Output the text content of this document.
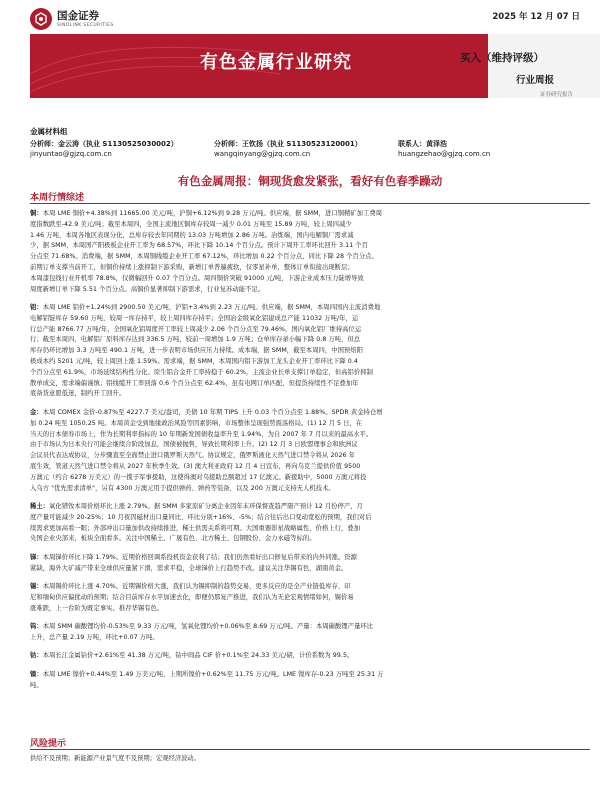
国金证券
SINOLINK SECURITIES
2025 年 12 月 07 日
有色金属行业研究	买入（维持评级）
行业周报
证券研究报告
金属材料组
分析师：金云涛（执业 S1130525030002）	分析师：王钦扬（执业 S1130523120001）	联系人：黄泽浩
jinyuntao@gjzq.com.cn	wangqinyang@gjzq.com.cn	huangzehao@gjzq.com.cn
有色金属周报：铜现货愈发紧张，看好有色春季躁动
本周行情综述
铜：本周 LME 铜价+4.38%到 11665.00 美元/吨，沪铜+6.12%到 9.28 万元/吨。供应端，据 SMM，进口铜精矿加工费周
度指数跌至-42.9 美元/吨；截至本周四，全国主流地区铜库存较周一减少 0.01 万吨至 15.89 万吨，较上周四减少
1.46 万吨，本周各地区表现分化，总库存较去年同期的 13.03 万吨增加 2.86 万吨。冶炼端，国内电解铜厂需求减
少，据 SMM，本周国产阳极板企业开工率为 68.57%，环比下降 10.14 个百分点。预计下周开工率环比回升 3.11 个百
分点至 71.68%。消费端，据 SMM，本周铜线缆企业开工率 67.12%，环比增加 0.22 个百分点，同比下降 28 个百分点。
前期订单支撑当前开工，但铜价持续上涨抑制下游采购，新增订单普遍疲软，仅零星补单，整体订单衔接出现断层；
本周漆包线行业开机率 78.8%，仅微幅回升 0.07 个百分点。周四铜价突破 91000 元/吨，下游企业成本压力陡增导致
周度新增订单下降 5.51 个百分点。高铜价显著抑制下游需求，行业复苏动能不足。
铝：本周 LME 铝价+1.24%到 2900.50 美元/吨，沪铝+3.4%到 2.23 万元/吨。供应端，据 SMM，本周四国内主流消费地
电解铝锭库存 59.60 万吨，较周一库存持平，较上周四库存持平；全国冶金级氧化铝建成总产能 11032 万吨/年，运
行总产能 8766.77 万吨/年，全国氧化铝周度开工率较上周减少 2.06 个百分点至 79.46%，国内氧化铝厂维持高位运
行；截至本周四，电解铝厂原料库存达到 336.5 万吨，较前一周增加 1.9 万吨；仓单库存录小幅下降 0.8 万吨，但总
库存仍环比增加 3.3 万吨至 490.1 万吨，进一步表明市场供应压力持续。成本端，据 SMM，截至本周四，中国预焙阳
极成本约 5201 元/吨，较上周回上涨 1.59%。需求端，据 SMM，本周国内铝下游加工龙头企业开工率环比下降 0.4
个百分点至 61.9%，市场延续结构性分化。原生铝合金开工率持稳于 60.2%，主流企业长单支撑订单稳定，但高铝价抑制
散单成交，需求端偏谨慎；铝线缆开工率回落 0.6 个百分点至 62.4%，虽有电网订单匹配，但提货持续性不足叠加年
底备货意愿低迷，制约开工回升。
金：本周 COMEX 金价-0.87%至 4227.7 美元/盎司，美债 10 年期 TIPS 上升 0.03 个百分点至 1.88%。SPDR 黄金持仓增
加 0.24 吨至 1050.25 吨。本周黄金受到地缘政治风险等因素影响，市场整体呈现强势震荡格局。(1) 12 月 5 日，在
当天的日本债券市场上，作为长期利率指标的 10 年期新发国债收益率升至 1.94%，为自 2007 年 7 月以来的最高水平。
由于市场认为日本央行可能会继续合阶段加息，国债被抛售，导致长期利率上升。(2) 12 月 3 日欧盟理事会和欧洲议
会议员代表达成协议，分步骤直至全面禁止进口俄罗斯天然气。协议规定，俄罗斯液化天然气进口禁令将从 2026 年
底生效，管道天然气进口禁令将从 2027 年秋季生效。(3) 澳大利亚政府 12 月 4 日宣布，再向乌克兰提供价值 9500
万澳元（约合 6278 万美元）的一揽子军事援助，这使得澳对乌援助总额超过 17 亿澳元。新援助中，5000 万澳元将投
入乌方 "优先需求清单"，另有 4300 万澳元用于提供弹药、弹药等装备，以及 200 万澳元支持无人机技术。
稀土：氧化镨钕本周价格环比上涨 2.79%。据 SMM 多家原矿分离企业因年末环保督查趋严限产预计 12 月份停产，月
度产量可能减少 20-25%；10 月夜因磁材出口量同比、环比分别+16%、-5%；结合往后出口变动宽松的预期，我们对后
续需求更加高看一眼；外部冲出口量加供改持续推进，稀土供需关系将可期。大国重器影星战略属性、价格上行，叠加
央国企业央部来，板块全面看多。关注中国稀土、广晟有色、北方稀土、包钢股份、金力永磁等标的。
锑：本周锑价环比下降 1.79%。近期价格回调系投机资金获利了结；我们仍然看好出口修复后带来的内外同涨。资源
紧缺，海外大矿减产带来全球供应量紧下滑，需求平稳，全球锑价上行趋势不改。建议关注华锡有色，湖南黄金。
锡：本周锡价环比上涨 4.70%。近期锡价格大涨，我们认为锡抑制的趋势交易，更多反应的是全产业链低库存、印
尼和缅甸供应偏扰动的预期；结合目前库存水平加速去化，即便仍那复产推进，我们认为无论宏观情绪如何，锡价易
涨难跌，上一台阶为既定事实。推荐华锡有色。
钨：本周 SMM 碳酸锂均价-0.53%至 9.33 万元/吨，氢氧化锂均价+0.06%至 8.69 万元/吨。产量：本周碳酸锂产量环比
上升，总产量 2.19 万吨，环比+0.07 万吨。
钴：本周长江金属钴价+2.61%至 41.38 万元/吨，钴中间品 CIF 价+0.1%至 24.33 美元/磅，计价系数为 99.5。
镍：本周 LME 镍价+0.44%至 1.49 万美元/吨，上期所镍价+0.62%至 11.75 万元/吨。LME 镍库存-0.23 万吨至 25.31 万
吨。
风险提示
供给不及预期；新能源产业景气度不及预期；宏观经济波动。
